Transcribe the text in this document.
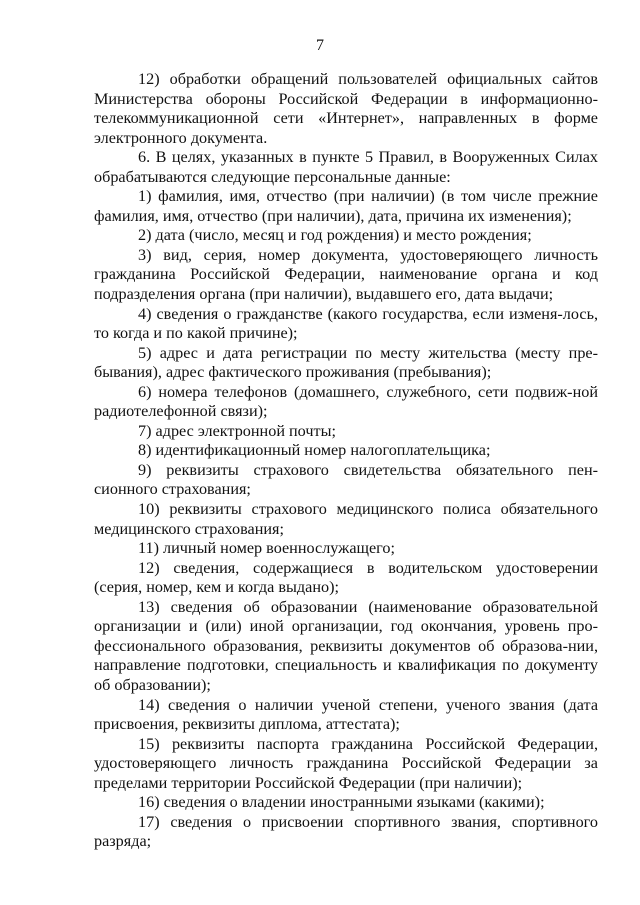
7

12) обработки обращений пользователей официальных сайтов Министерства обороны Российской Федерации в информационно-телекоммуникационной сети «Интернет», направленных в форме электронного документа.

6. В целях, указанных в пункте 5 Правил, в Вооруженных Силах обрабатываются следующие персональные данные:

1) фамилия, имя, отчество (при наличии) (в том числе прежние фамилия, имя, отчество (при наличии), дата, причина их изменения);

2) дата (число, месяц и год рождения) и место рождения;

3) вид, серия, номер документа, удостоверяющего личность гражданина Российской Федерации, наименование органа и код подразделения органа (при наличии), выдавшего его, дата выдачи;

4) сведения о гражданстве (какого государства, если изменя-лось, то когда и по какой причине);

5) адрес и дата регистрации по месту жительства (месту пре-бывания), адрес фактического проживания (пребывания);

6) номера телефонов (домашнего, служебного, сети подвиж-ной радиотелефонной связи);

7) адрес электронной почты;

8) идентификационный номер налогоплательщика;

9) реквизиты страхового свидетельства обязательного пен-сионного страхования;

10) реквизиты страхового медицинского полиса обязательного медицинского страхования;

11) личный номер военнослужащего;

12) сведения, содержащиеся в водительском удостоверении (серия, номер, кем и когда выдано);

13) сведения об образовании (наименование образовательной организации и (или) иной организации, год окончания, уровень про-фессионального образования, реквизиты документов об образова-нии, направление подготовки, специальность и квалификация по документу об образовании);

14) сведения о наличии ученой степени, ученого звания (дата присвоения, реквизиты диплома, аттестата);

15) реквизиты паспорта гражданина Российской Федерации, удостоверяющего личность гражданина Российской Федерации за пределами территории Российской Федерации (при наличии);

16) сведения о владении иностранными языками (какими);

17) сведения о присвоении спортивного звания, спортивного разряда;
